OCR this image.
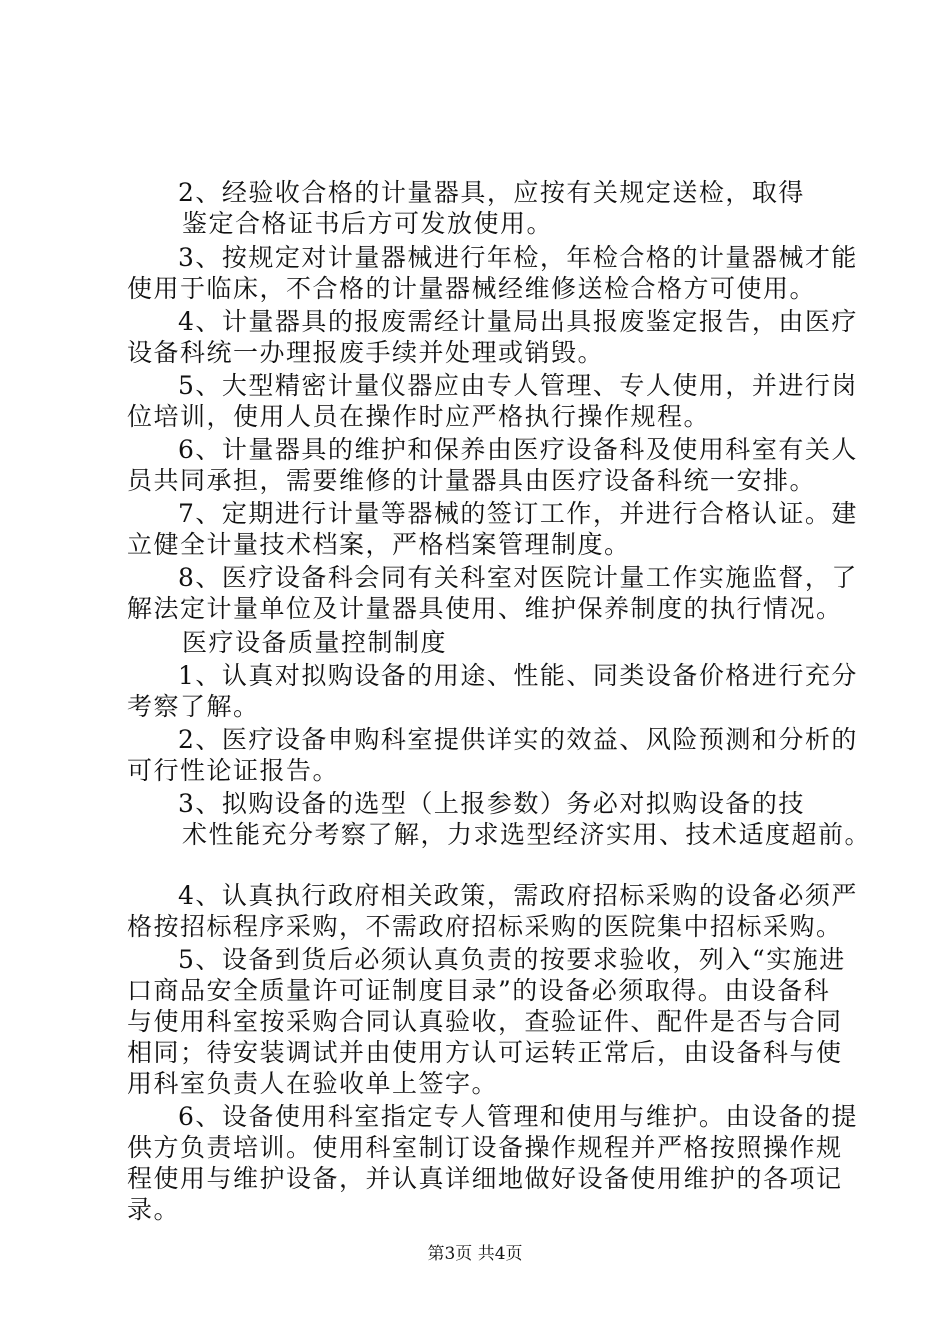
2、经验收合格的计量器具，应按有关规定送检，取得
鉴定合格证书后方可发放使用。
3、按规定对计量器械进行年检，年检合格的计量器械才能
使用于临床，不合格的计量器械经维修送检合格方可使用。
4、计量器具的报废需经计量局出具报废鉴定报告，由医疗
设备科统一办理报废手续并处理或销毁。
5、大型精密计量仪器应由专人管理、专人使用，并进行岗
位培训，使用人员在操作时应严格执行操作规程。
6、计量器具的维护和保养由医疗设备科及使用科室有关人
员共同承担，需要维修的计量器具由医疗设备科统一安排。
7、定期进行计量等器械的签订工作，并进行合格认证。建
立健全计量技术档案，严格档案管理制度。
8、医疗设备科会同有关科室对医院计量工作实施监督，了
解法定计量单位及计量器具使用、维护保养制度的执行情况。
医疗设备质量控制制度
1、认真对拟购设备的用途、性能、同类设备价格进行充分
考察了解。
2、医疗设备申购科室提供详实的效益、风险预测和分析的
可行性论证报告。
3、拟购设备的选型（上报参数）务必对拟购设备的技
术性能充分考察了解，力求选型经济实用、技术适度超前。
4、认真执行政府相关政策，需政府招标采购的设备必须严
格按招标程序采购，不需政府招标采购的医院集中招标采购。
5、设备到货后必须认真负责的按要求验收，列入“实施进
口商品安全质量许可证制度目录”的设备必须取得。由设备科
与使用科室按采购合同认真验收，查验证件、配件是否与合同
相同；待安装调试并由使用方认可运转正常后，由设备科与使
用科室负责人在验收单上签字。
6、设备使用科室指定专人管理和使用与维护。由设备的提
供方负责培训。使用科室制订设备操作规程并严格按照操作规
程使用与维护设备，并认真详细地做好设备使用维护的各项记
录。
第3页 共4页
